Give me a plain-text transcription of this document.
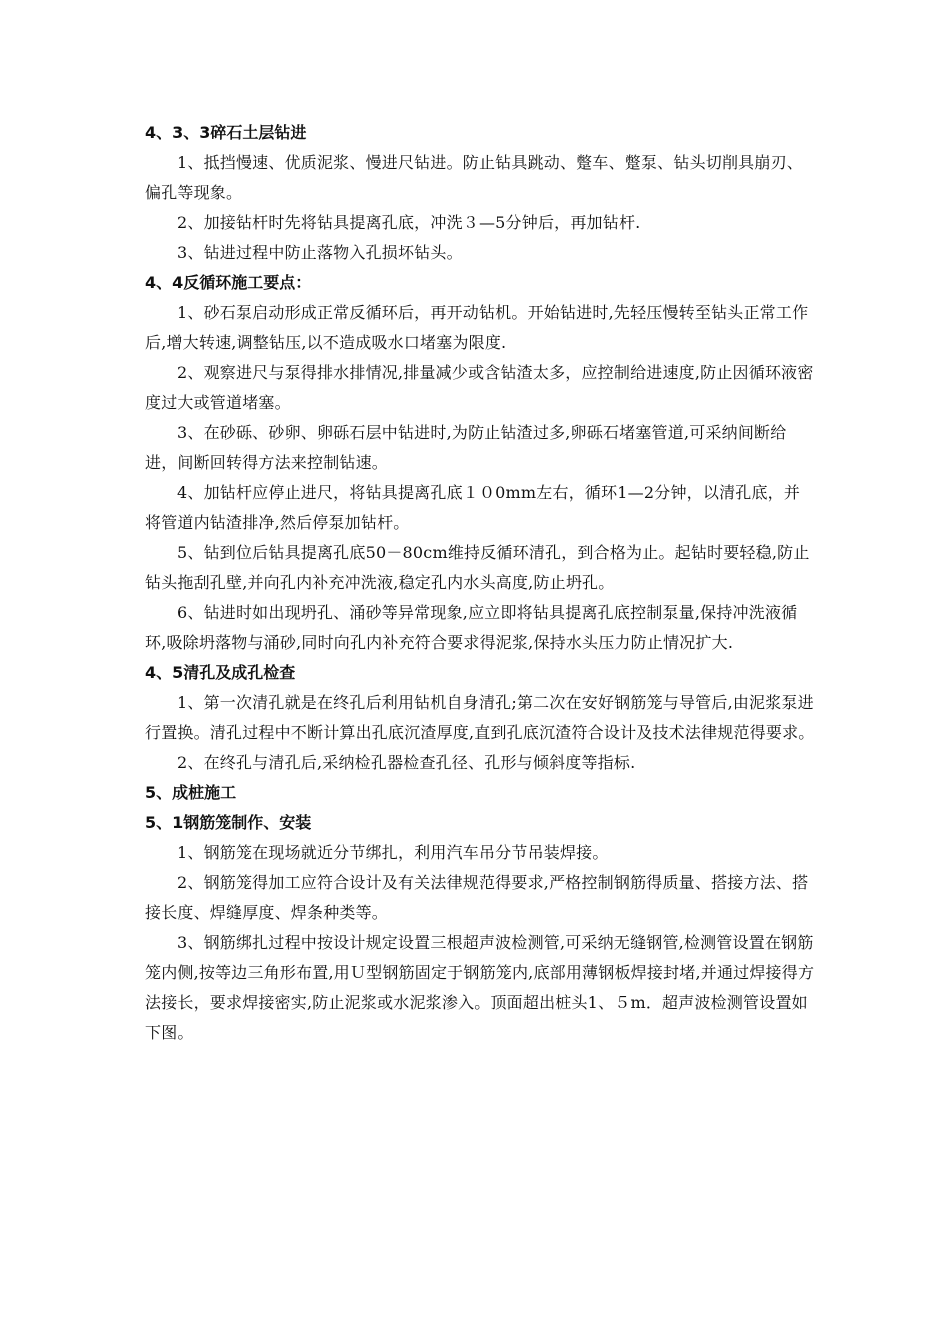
4、3、3碎石土层钻进

1、抵挡慢速、优质泥浆、慢进尺钻进。防止钻具跳动、蹩车、蹩泵、钻头切削具崩刃、偏孔等现象。

2、加接钻杆时先将钻具提离孔底，冲洗３—5分钟后，再加钻杆.

3、钻进过程中防止落物入孔损坏钻头。

4、4反循环施工要点：

1、砂石泵启动形成正常反循环后，再开动钻机。开始钻进时,先轻压慢转至钻头正常工作后,增大转速,调整钻压,以不造成吸水口堵塞为限度.

2、观察进尺与泵得排水排情况,排量减少或含钻渣太多，应控制给进速度,防止因循环液密度过大或管道堵塞。

3、在砂砾、砂卵、卵砾石层中钻进时,为防止钻渣过多,卵砾石堵塞管道,可采纳间断给进，间断回转得方法来控制钻速。

4、加钻杆应停止进尺，将钻具提离孔底１０0mm左右，循环1—2分钟，以清孔底，并将管道内钻渣排净,然后停泵加钻杆。

5、钻到位后钻具提离孔底50－80cm维持反循环清孔，到合格为止。起钻时要轻稳,防止钻头拖刮孔壁,并向孔内补充冲洗液,稳定孔内水头高度,防止坍孔。

6、钻进时如出现坍孔、涌砂等异常现象,应立即将钻具提离孔底控制泵量,保持冲洗液循环,吸除坍落物与涌砂,同时向孔内补充符合要求得泥浆,保持水头压力防止情况扩大.

4、5清孔及成孔检查

1、第一次清孔就是在终孔后利用钻机自身清孔;第二次在安好钢筋笼与导管后,由泥浆泵进行置换。清孔过程中不断计算出孔底沉渣厚度,直到孔底沉渣符合设计及技术法律规范得要求。

2、在终孔与清孔后,采纳检孔器检查孔径、孔形与倾斜度等指标.

5、成桩施工

5、1钢筋笼制作、安装

1、钢筋笼在现场就近分节绑扎，利用汽车吊分节吊装焊接。

2、钢筋笼得加工应符合设计及有关法律规范得要求,严格控制钢筋得质量、搭接方法、搭接长度、焊缝厚度、焊条种类等。

3、钢筋绑扎过程中按设计规定设置三根超声波检测管,可采纳无缝钢管,检测管设置在钢筋笼内侧,按等边三角形布置,用Ｕ型钢筋固定于钢筋笼内,底部用薄钢板焊接封堵,并通过焊接得方法接长，要求焊接密实,防止泥浆或水泥浆渗入。顶面超出桩头1、５m．超声波检测管设置如下图。
